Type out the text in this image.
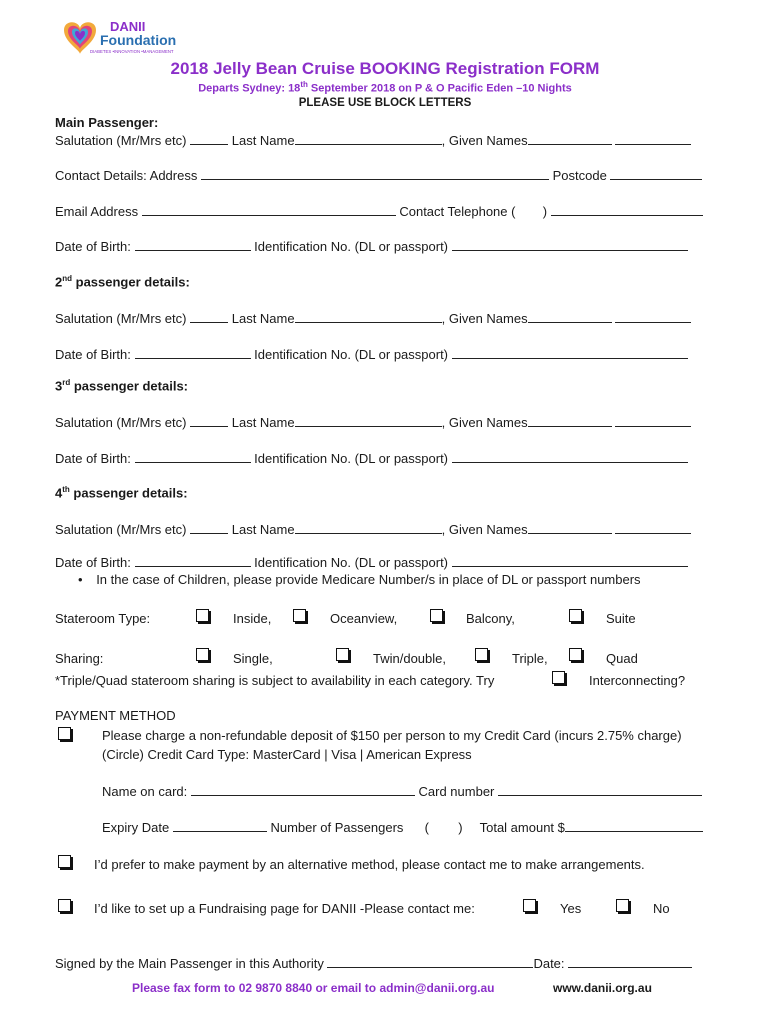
DANII
Foundation
DIABETES •INNOVATION •MANAGEMENT
2018 Jelly Bean Cruise BOOKING Registration FORM
Departs Sydney: 18th September 2018 on P & O Pacific Eden –10 Nights
PLEASE USE BLOCK LETTERS
Main Passenger:
Salutation (Mr/Mrs etc)	Last Name	, Given Names
Contact Details: Address	Postcode
Email Address	Contact Telephone ( )
Date of Birth:	Identification No. (DL or passport)
2nd passenger details:
Salutation (Mr/Mrs etc)	Last Name	, Given Names
Date of Birth:	Identification No. (DL or passport)
3rd passenger details:
Salutation (Mr/Mrs etc)	Last Name	, Given Names
Date of Birth:	Identification No. (DL or passport)
4th passenger details:
Salutation (Mr/Mrs etc)	Last Name	, Given Names
Date of Birth:	Identification No. (DL or passport)
• In the case of Children, please provide Medicare Number/s in place of DL or passport numbers
Stateroom Type:	Inside,	Oceanview,	Balcony,	Suite
Sharing:	Single,	Twin/double,	Triple,	Quad
*Triple/Quad stateroom sharing is subject to availability in each category. Try	Interconnecting?
PAYMENT METHOD
Please charge a non-refundable deposit of $150 per person to my Credit Card (incurs 2.75% charge)
(Circle) Credit Card Type: MasterCard | Visa | American Express
Name on card:	Card number
Expiry Date	Number of Passengers ( ) Total amount $
I’d prefer to make payment by an alternative method, please contact me to make arrangements.
I’d like to set up a Fundraising page for DANII -Please contact me:	Yes	No
Signed by the Main Passenger in this Authority	Date:
Please fax form to 02 9870 8840 or email to admin@danii.org.au	www.danii.org.au
